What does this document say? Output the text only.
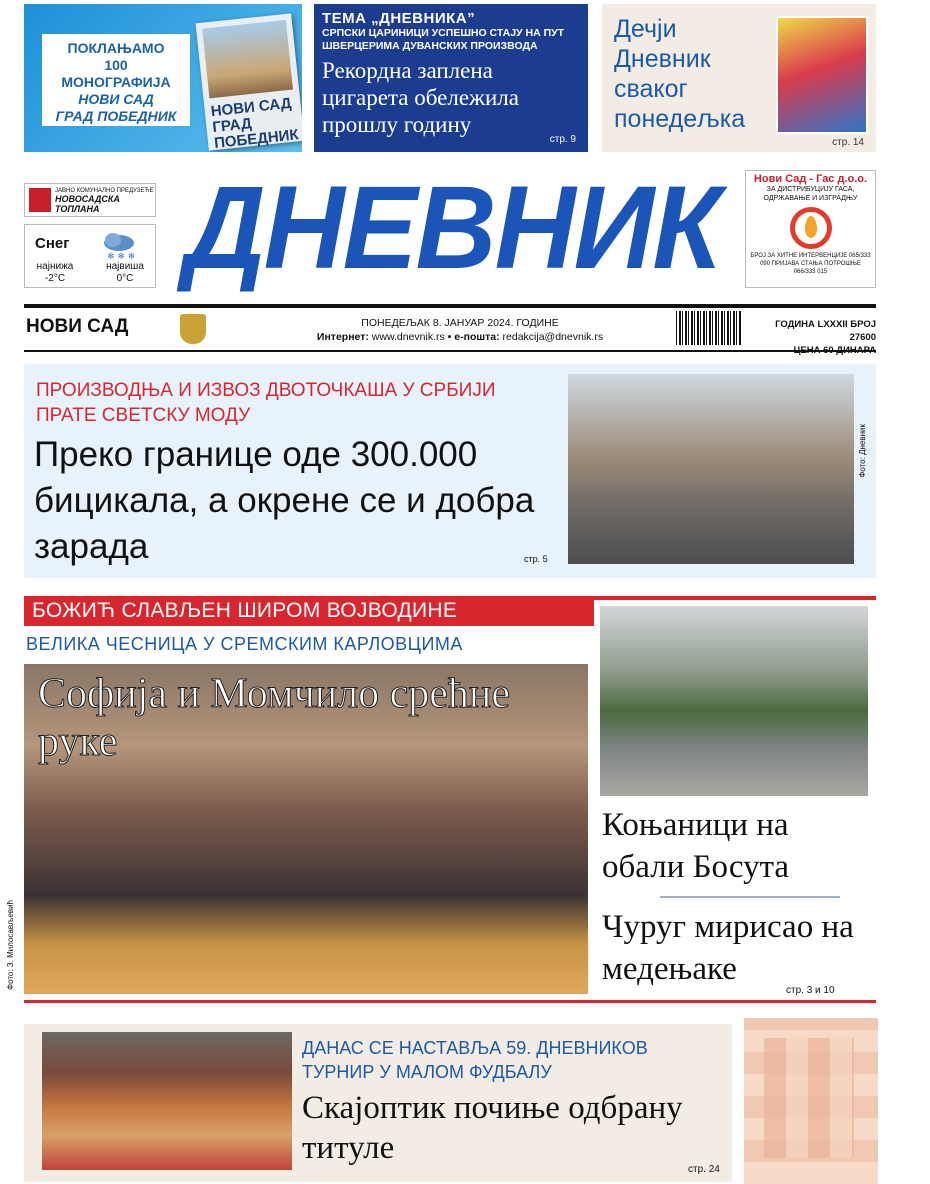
ПОКЛАЊАМО
100
МОНОГРАФИЈА
НОВИ САД
ГРАД ПОБЕДНИК	НОВИ САД ГРАД ПОБЕДНИК
ТЕМА „ДНЕВНИКА”
СРПСКИ ЦАРИНИЦИ УСПЕШНО СТАЈУ НА ПУТ ШВЕРЦЕРИМА ДУВАНСКИХ ПРОИЗВОДА
Рекордна заплена цигарета обележила прошлу годину
стр. 9
Дечји
Дневник
сваког
понедељка
стр. 14
ЈАВНО КОМУНАЛНО ПРЕДУЗЕЋЕ
НОВОСАДСКА ТОПЛАНА
Снег
❄ ❄ ❄
најнижа
-2°C
највиша
0°C ДНЕВНИК	Нови Сад - Гас д.о.о.
ЗА ДИСТРИБУЦИЈУ ГАСА, ОДРЖАВАЊЕ И ИЗГРАДЊУ
БРОЈ ЗА ХИТНЕ ИНТЕРВЕНЦИЈЕ 065/333 090 ПРИЈАВА СТАЊА ПОТРОШЊЕ 066/333 015
НОВИ САД	ПОНЕДЕЉАК 8. ЈАНУАР 2024. ГОДИНЕ
Интернет: www.dnevnik.rs • е-пошта: redakcija@dnevnik.rs
ГОДИНА LXXXII БРОЈ 27600
ПРОИЗВОДЊА И ИЗВОЗ ДВОТОЧКАША У СРБИЈИ ПРАТЕ СВЕТСКУ МОДУ
Преко границе оде 300.000 бицикала, а окрене се и добра зарада	стр. 5
Фото: Дневник
БОЖИЋ СЛАВЉЕН ШИРОМ ВОЈВОДИНЕ
ВЕЛИКА ЧЕСНИЦА У СРЕМСКИМ КАРЛОВЦИМА
Софија и Момчило срећне руке
Фото: З. Милосављевић
Коњаници на обали Босута
Чуруг мирисао на медењаке
стр. 3 и 10
ДАНАС СЕ НАСТАВЉА 59. ДНЕВНИКОВ ТУРНИР У МАЛОМ ФУДБАЛУ
Скајоптик почиње одбрану титуле
стр. 24
